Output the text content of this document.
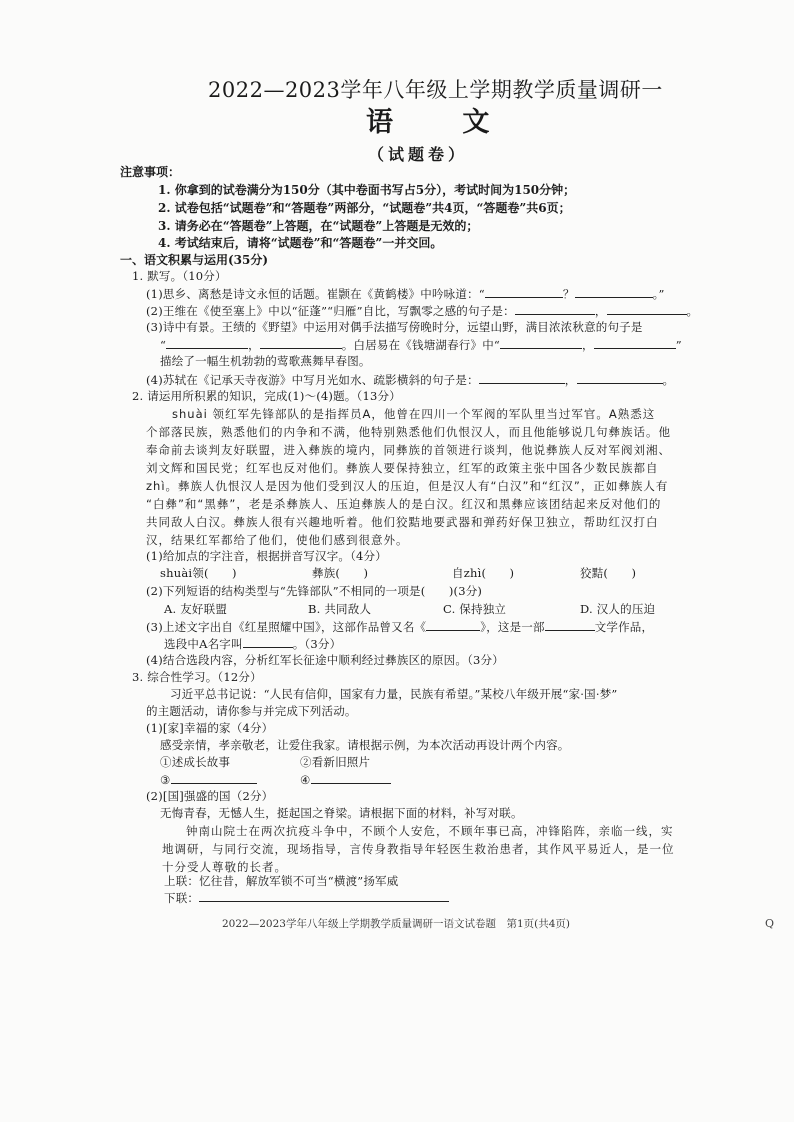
2022—2023学年八年级上学期教学质量调研一
语 文
（试题卷）
注意事项：
1. 你拿到的试卷满分为150分（其中卷面书写占5分），考试时间为150分钟；
2. 试卷包括“试题卷”和“答题卷”两部分，“试题卷”共4页，“答题卷”共6页；
3. 请务必在“答题卷”上答题，在“试题卷”上答题是无效的；
4. 考试结束后，请将“试题卷”和“答题卷”一并交回。
一、语文积累与运用(35分)
1. 默写。（10分）
(1)思乡、离愁是诗文永恒的话题。崔颢在《黄鹤楼》中吟咏道：“	？	。”
(2)王维在《使至塞上》中以“征蓬”“归雁”自比，写飘零之感的句子是：	，	。
(3)诗中有景。王绩的《野望》中运用对偶手法描写傍晚时分，远望山野，满目浓浓秋意的句子是
“	，	。白居易在《钱塘湖春行》中“	，	”
描绘了一幅生机勃勃的莺歌燕舞早春图。
(4)苏轼在《记承天寺夜游》中写月光如水、疏影横斜的句子是：	，	。
2. 请运用所积累的知识，完成(1)～(4)题。（13分）
shuài 领红军先锋部队的是指挥员A，他曾在四川一个军阀的军队里当过军官。A熟悉这
个部落民族，熟悉他们的内争和不满，他特别熟悉他们仇恨汉人，而且他能够说几句彝族话。他
奉命前去谈判友好联盟，进入彝族的境内，同彝族的首领进行谈判，他说彝族人反对军阀刘湘、
刘文辉和国民党；红军也反对他们。彝族人要保持独立，红军的政策主张中国各少数民族都自
zhì。彝族人仇恨汉人是因为他们受到汉人的压迫，但是汉人有“白汉”和“红汉”，正如彝族人有
“白彝”和“黑彝”，老是杀彝族人、压迫彝族人的是白汉。红汉和黑彝应该团结起来反对他们的
共同敌人白汉。彝族人很有兴趣地听着。他们狡黠地要武器和弹药好保卫独立，帮助红汉打白
汉，结果红军都给了他们，使他们感到很意外。
(1)给加点的字注音，根据拼音写汉字。（4分）
shuài领(　　)	彝族(　　)	自zhì(　　)	狡黠(　　)
(2)下列短语的结构类型与“先锋部队”不相同的一项是(　　)(3分)
A. 友好联盟	B. 共同敌人	C. 保持独立	D. 汉人的压迫
(3)上述文字出自《红星照耀中国》，这部作品曾又名《	》，这是一部	文学作品，
选段中A名字叫	。（3分）
(4)结合选段内容，分析红军长征途中顺利经过彝族区的原因。（3分）
3. 综合性学习。（12分）
习近平总书记说：“人民有信仰，国家有力量，民族有希望。”某校八年级开展“家·国·梦”
的主题活动，请你参与并完成下列活动。
(1)[家]幸福的家（4分）
感受亲情，孝亲敬老，让爱住我家。请根据示例，为本次活动再设计两个内容。
①述成长故事	②看新旧照片
③	④
(2)[国]强盛的国（2分）
无悔青春，无憾人生，挺起国之脊梁。请根据下面的材料，补写对联。
钟南山院士在两次抗疫斗争中，不顾个人安危，不顾年事已高，冲锋陷阵，亲临一线，实
地调研，与同行交流，现场指导，言传身教指导年轻医生救治患者，其作风平易近人，是一位
十分受人尊敬的长者。
上联：忆往昔，解放军锁不可当“横渡”扬军威
下联：
2022—2023学年八年级上学期教学质量调研一语文试卷题　第1页(共4页)	Q
